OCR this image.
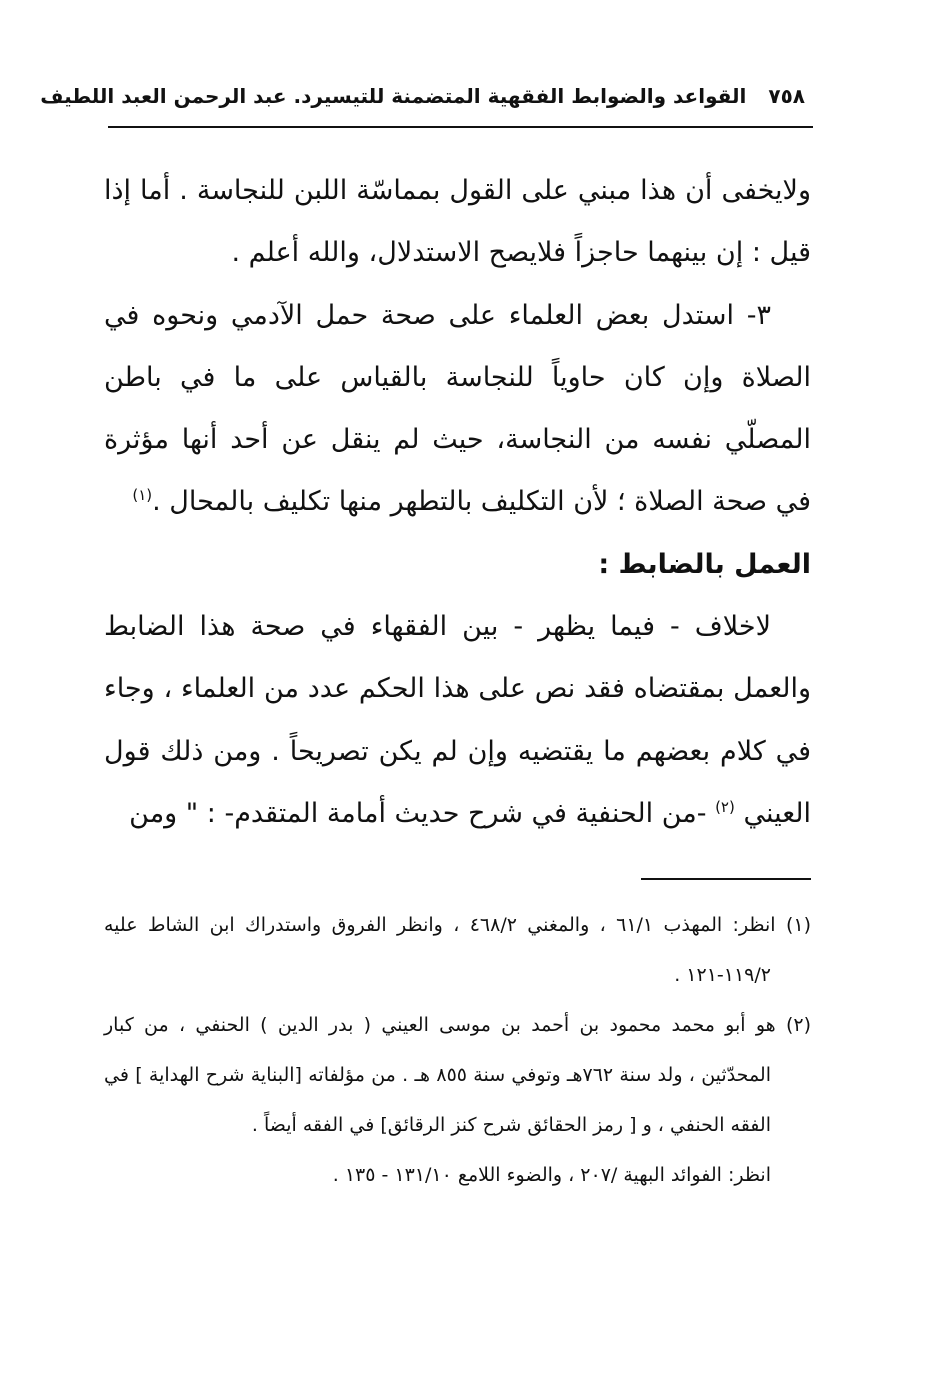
٧٥٨
القواعد والضوابط الفقهية المتضمنة للتيسير
د. عبد الرحمن العبد اللطيف

ولايخفى أن هذا مبني على القول بمماسّة اللبن للنجاسة . أما إذا قيل : إن بينهما حاجزاً فلايصح الاستدلال، والله أعلم .

٣- استدل بعض العلماء على صحة حمل الآدمي ونحوه في الصلاة وإن كان حاوياً للنجاسة بالقياس على ما في باطن المصلّي نفسه من النجاسة، حيث لم ينقل عن أحد أنها مؤثرة في صحة الصلاة ؛ لأن التكليف بالتطهر منها تكليف بالمحال .$^{(١)}$

العمل بالضابط :

لاخلاف - فيما يظهر - بين الفقهاء في صحة هذا الضابط والعمل بمقتضاه فقد نص على هذا الحكم عدد من العلماء ، وجاء في كلام بعضهم ما يقتضيه وإن لم يكن تصريحاً . ومن ذلك قول العيني $^{(٢)}$ -من الحنفية في شرح حديث أمامة المتقدم- : " ومن

(١) انظر: المهذب ٦١/١ ، والمغني ٤٦٨/٢ ، وانظر الفروق واستدراك ابن الشاط عليه ١١٩/٢-١٢١ .

(٢) هو أبو محمد محمود بن أحمد بن موسى العيني ( بدر الدين ) الحنفي ، من كبار المحدّثين ، ولد سنة ٧٦٢هـ وتوفي سنة ٨٥٥ هـ . من مؤلفاته [البناية شرح الهداية ] في الفقه الحنفي ، و [ رمز الحقائق شرح كنز الرقائق] في الفقه أيضاً .

انظر: الفوائد البهية /٢٠٧ ، والضوء اللامع ١٣١/١٠ - ١٣٥ .
